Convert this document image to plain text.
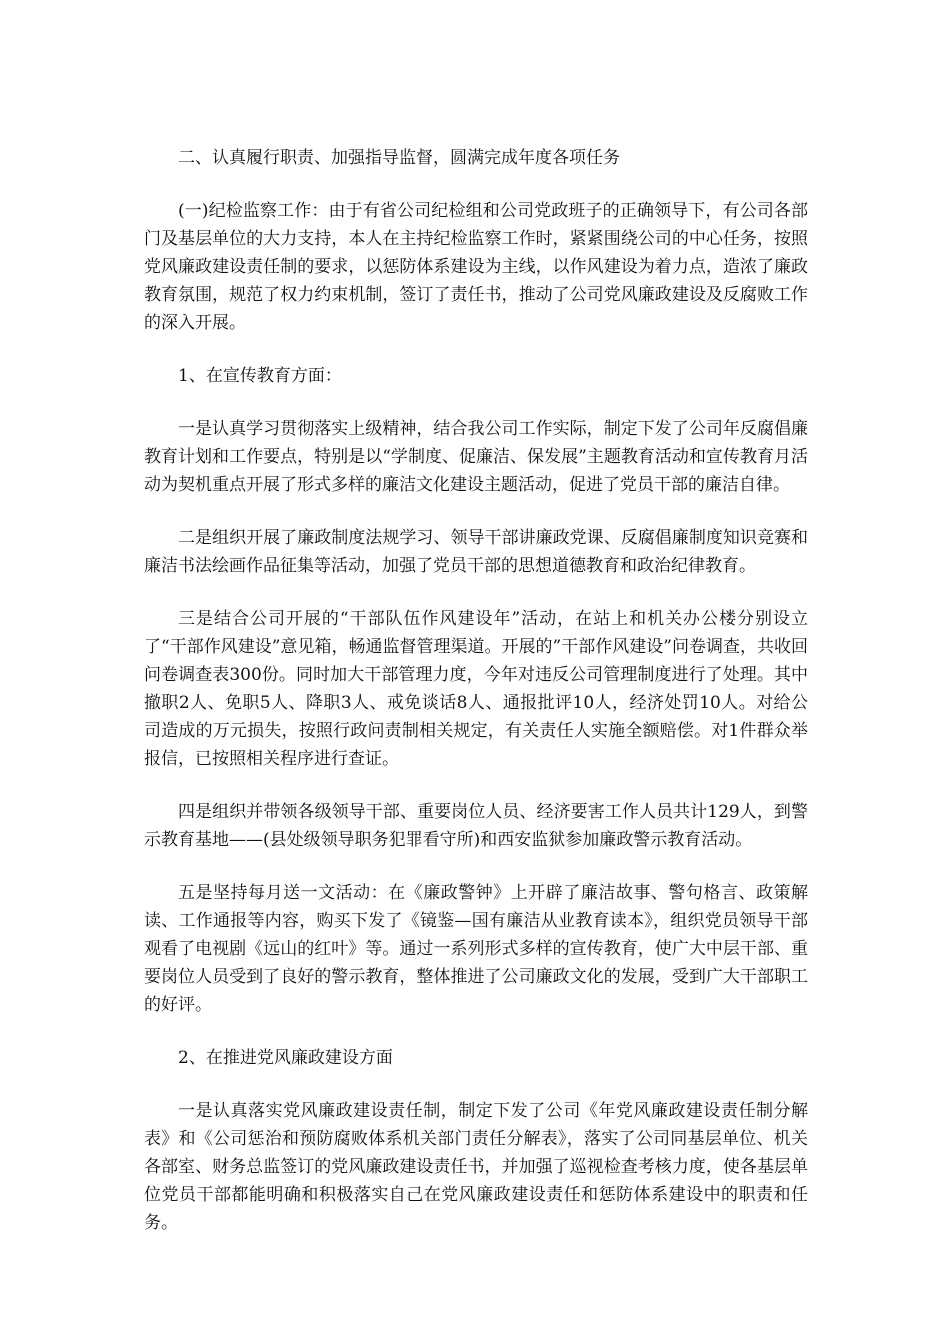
二、认真履行职责、加强指导监督，圆满完成年度各项任务

(一)纪检监察工作：由于有省公司纪检组和公司党政班子的正确领导下，有公司各部门及基层单位的大力支持，本人在主持纪检监察工作时，紧紧围绕公司的中心任务，按照党风廉政建设责任制的要求，以惩防体系建设为主线，以作风建设为着力点，造浓了廉政教育氛围，规范了权力约束机制，签订了责任书，推动了公司党风廉政建设及反腐败工作的深入开展。

1、在宣传教育方面：

一是认真学习贯彻落实上级精神，结合我公司工作实际，制定下发了公司年反腐倡廉教育计划和工作要点，特别是以“学制度、促廉洁、保发展”主题教育活动和宣传教育月活动为契机重点开展了形式多样的廉洁文化建设主题活动，促进了党员干部的廉洁自律。

二是组织开展了廉政制度法规学习、领导干部讲廉政党课、反腐倡廉制度知识竞赛和廉洁书法绘画作品征集等活动，加强了党员干部的思想道德教育和政治纪律教育。

三是结合公司开展的“干部队伍作风建设年”活动，在站上和机关办公楼分别设立了“干部作风建设”意见箱，畅通监督管理渠道。开展的”干部作风建设”问卷调查，共收回问卷调查表300份。同时加大干部管理力度，今年对违反公司管理制度进行了处理。其中撤职2人、免职5人、降职3人、戒免谈话8人、通报批评10人，经济处罚10人。对给公司造成的万元损失，按照行政问责制相关规定，有关责任人实施全额赔偿。对1件群众举报信，已按照相关程序进行查证。

四是组织并带领各级领导干部、重要岗位人员、经济要害工作人员共计129人，到警示教育基地——(县处级领导职务犯罪看守所)和西安监狱参加廉政警示教育活动。

五是坚持每月送一文活动：在《廉政警钟》上开辟了廉洁故事、警句格言、政策解读、工作通报等内容，购买下发了《镜鉴—国有廉洁从业教育读本》，组织党员领导干部观看了电视剧《远山的红叶》等。通过一系列形式多样的宣传教育，使广大中层干部、重要岗位人员受到了良好的警示教育，整体推进了公司廉政文化的发展，受到广大干部职工的好评。

2、在推进党风廉政建设方面

一是认真落实党风廉政建设责任制，制定下发了公司《年党风廉政建设责任制分解表》和《公司惩治和预防腐败体系机关部门责任分解表》，落实了公司同基层单位、机关各部室、财务总监签订的党风廉政建设责任书，并加强了巡视检查考核力度，使各基层单位党员干部都能明确和积极落实自己在党风廉政建设责任和惩防体系建设中的职责和任务。
